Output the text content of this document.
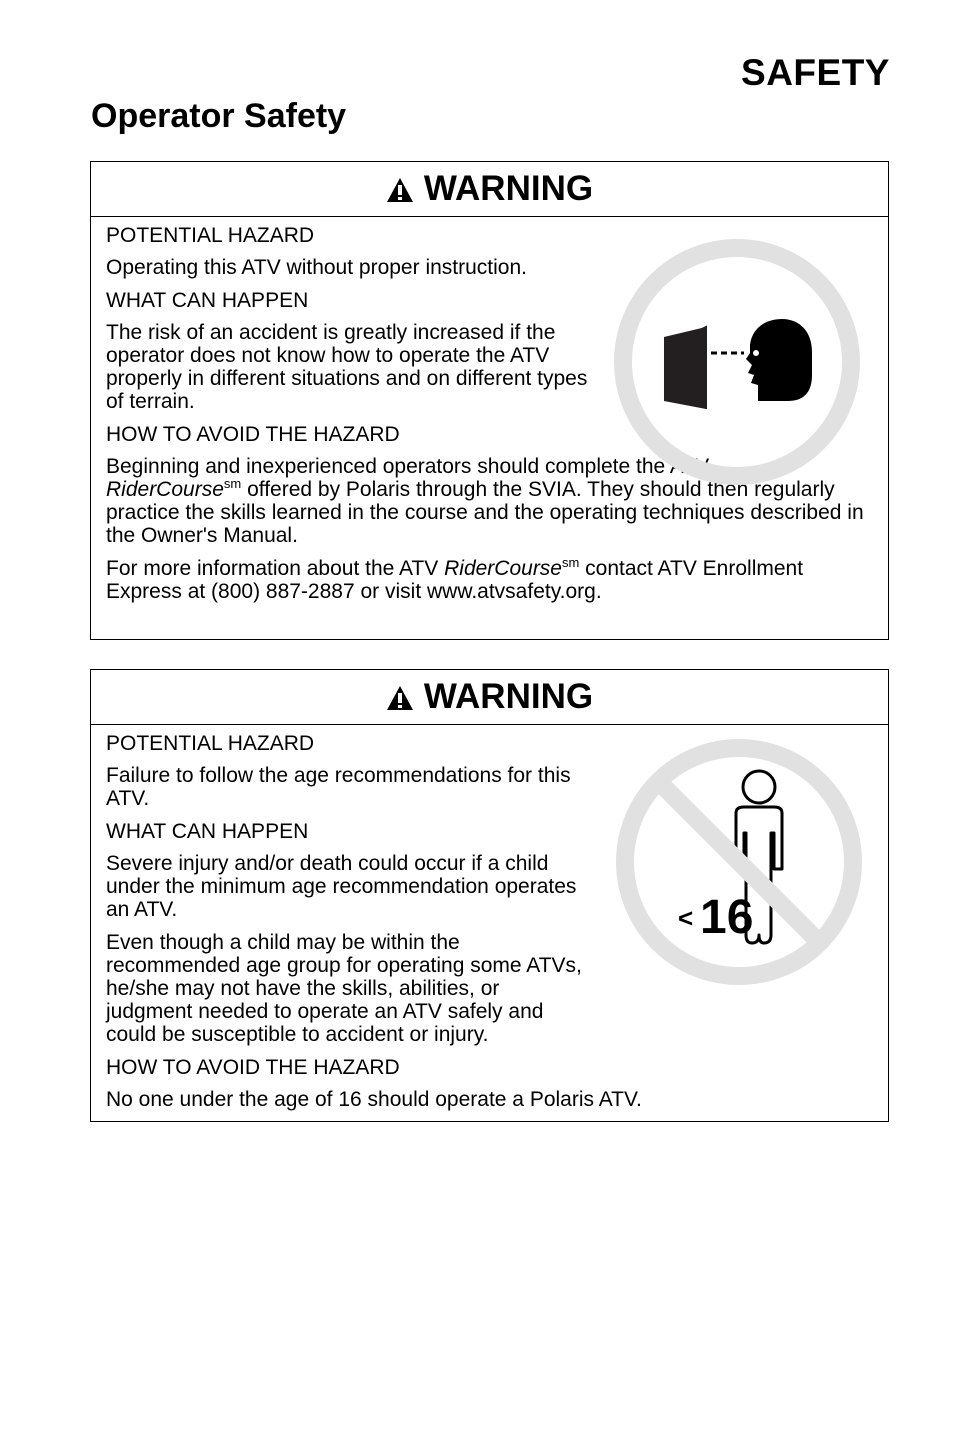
SAFETY
Operator Safety
WARNING

POTENTIAL HAZARD

Operating this ATV without proper instruction.

WHAT CAN HAPPEN

The risk of an accident is greatly increased if the operator does not know how to operate the ATV properly in different situations and on different types of terrain.

HOW TO AVOID THE HAZARD

Beginning and inexperienced operators should complete the ATV
RiderCourse$^{sm}$ offered by Polaris through the SVIA. They should then regularly practice the skills learned in the course and the operating techniques described in the Owner's Manual.

For more information about the ATV RiderCourse$^{sm}$ contact ATV Enrollment Express at (800) 887-2887 or visit www.atvsafety.org.

WARNING
< 16

POTENTIAL HAZARD

Failure to follow the age recommendations for this ATV.

WHAT CAN HAPPEN

Severe injury and/or death could occur if a child under the minimum age recommendation operates an ATV.

Even though a child may be within the recommended age group for operating some ATVs, he/she may not have the skills, abilities, or judgment needed to operate an ATV safely and could be susceptible to accident or injury.

HOW TO AVOID THE HAZARD

No one under the age of 16 should operate a Polaris ATV.
